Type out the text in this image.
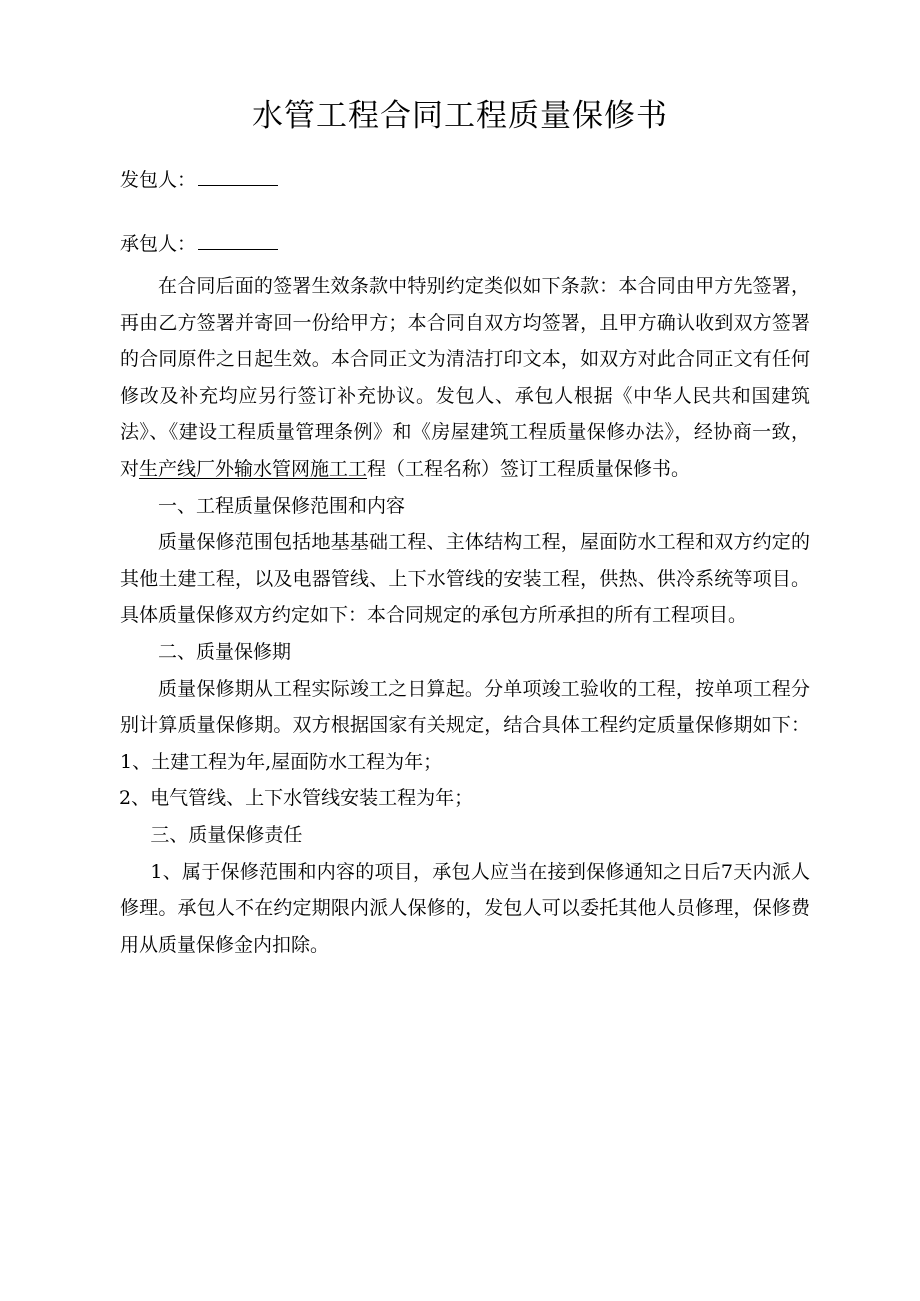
水管工程合同工程质量保修书
发包人：
承包人：

在合同后面的签署生效条款中特别约定类似如下条款：本合同由甲方先签署，再由乙方签署并寄回一份给甲方；本合同自双方均签署，且甲方确认收到双方签署的合同原件之日起生效。本合同正文为清洁打印文本，如双方对此合同正文有任何修改及补充均应另行签订补充协议。发包人、承包人根据《中华人民共和国建筑法》、《建设工程质量管理条例》和《房屋建筑工程质量保修办法》，经协商一致，对生产线厂外输水管网施工工程（工程名称）签订工程质量保修书。

一、工程质量保修范围和内容

质量保修范围包括地基基础工程、主体结构工程，屋面防水工程和双方约定的其他土建工程，以及电器管线、上下水管线的安装工程，供热、供冷系统等项目。具体质量保修双方约定如下：本合同规定的承包方所承担的所有工程项目。

二、质量保修期

质量保修期从工程实际竣工之日算起。分单项竣工验收的工程，按单项工程分别计算质量保修期。双方根据国家有关规定，结合具体工程约定质量保修期如下：1、土建工程为年,屋面防水工程为年；

2、电气管线、上下水管线安装工程为年；

三、质量保修责任

1、属于保修范围和内容的项目，承包人应当在接到保修通知之日后7天内派人修理。承包人不在约定期限内派人保修的，发包人可以委托其他人员修理，保修费用从质量保修金内扣除。
